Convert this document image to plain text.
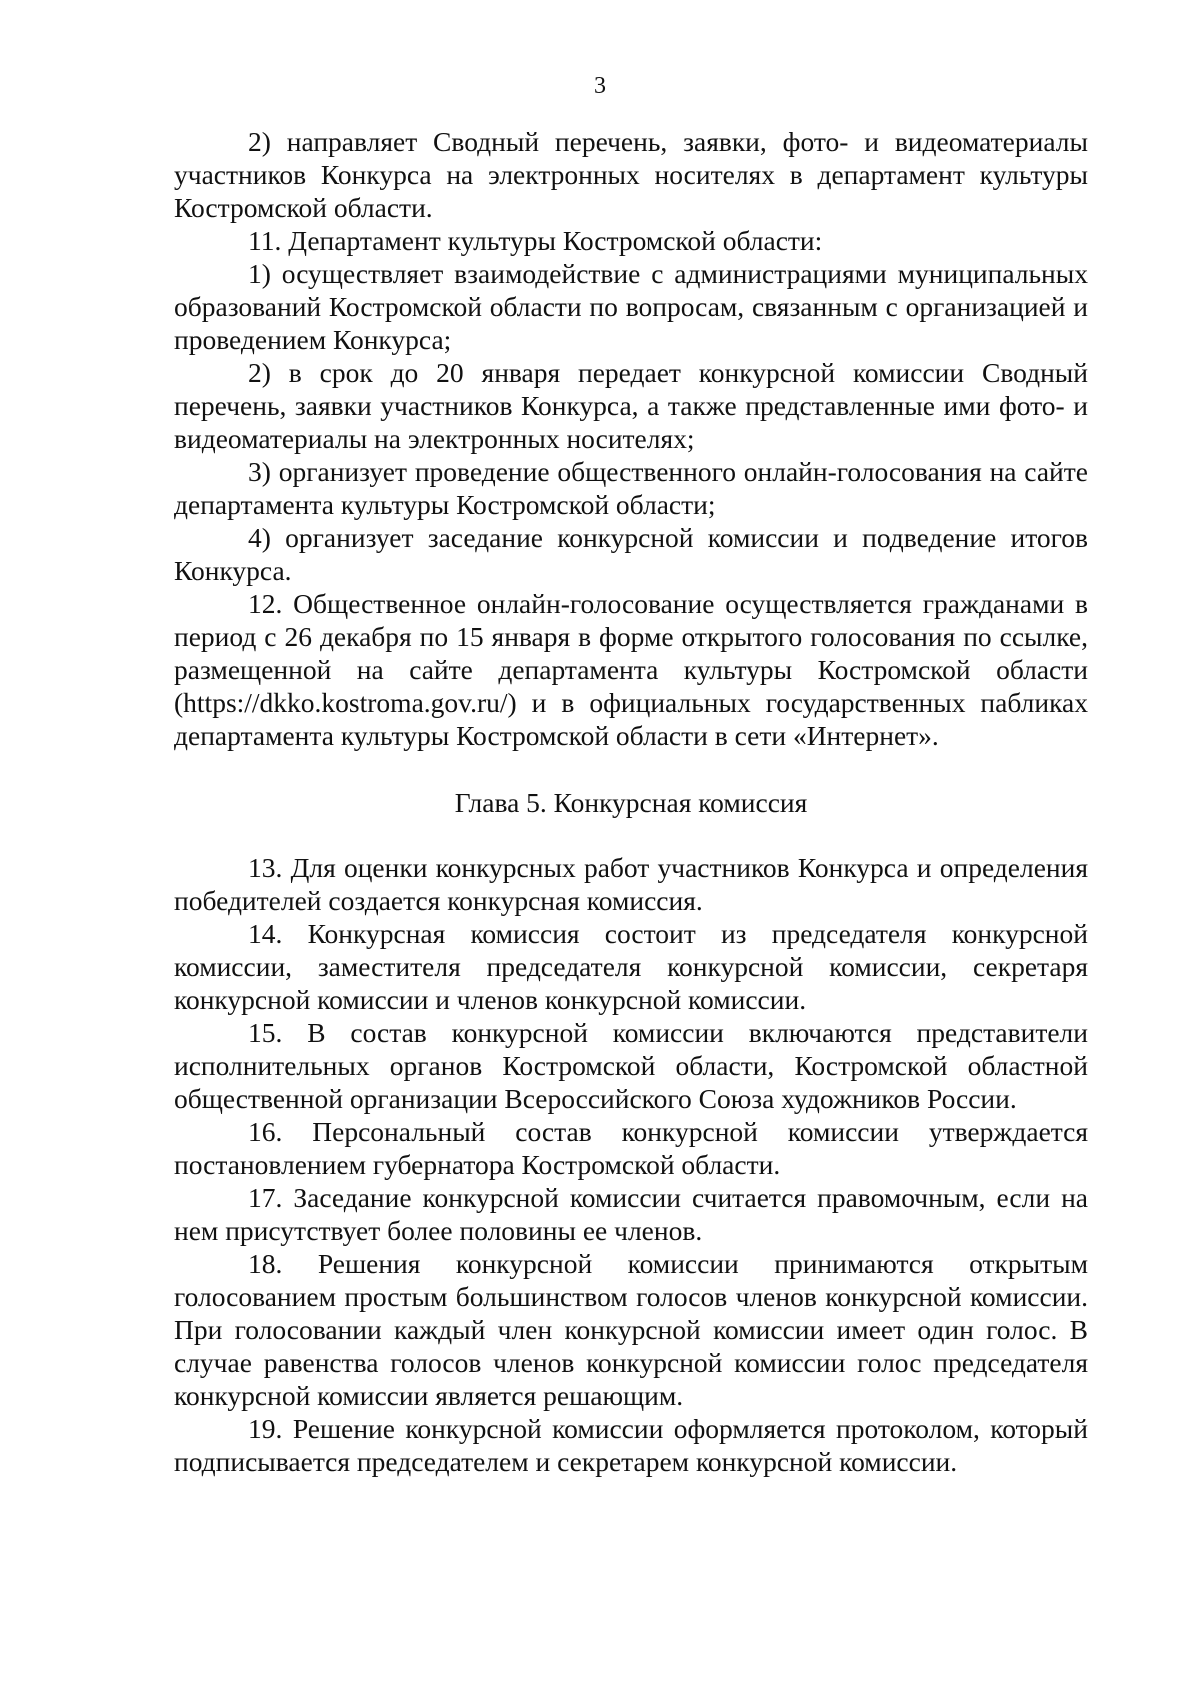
3

2) направляет Сводный перечень, заявки, фото- и видеоматериалы участников Конкурса на электронных носителях в департамент культуры Костромской области.

11. Департамент культуры Костромской области:

1) осуществляет взаимодействие с администрациями муниципальных образований Костромской области по вопросам, связанным с организацией и проведением Конкурса;

2) в срок до 20 января передает конкурсной комиссии Сводный перечень, заявки участников Конкурса, а также представленные ими фото- и видеоматериалы на электронных носителях;

3) организует проведение общественного онлайн-голосования на сайте департамента культуры Костромской области;

4) организует заседание конкурсной комиссии и подведение итогов Конкурса.

12. Общественное онлайн-голосование осуществляется гражданами в период с 26 декабря по 15 января в форме открытого голосования по ссылке, размещенной на сайте департамента культуры Костромской области (https://dkko.kostroma.gov.ru/) и в официальных государственных пабликах департамента культуры Костромской области в сети «Интернет».

Глава 5. Конкурсная комиссия

13. Для оценки конкурсных работ участников Конкурса и определения победителей создается конкурсная комиссия.

14. Конкурсная комиссия состоит из председателя конкурсной комиссии, заместителя председателя конкурсной комиссии, секретаря конкурсной комиссии и членов конкурсной комиссии.

15. В состав конкурсной комиссии включаются представители исполнительных органов Костромской области, Костромской областной общественной организации Всероссийского Союза художников России.

16. Персональный состав конкурсной комиссии утверждается постановлением губернатора Костромской области.

17. Заседание конкурсной комиссии считается правомочным, если на нем присутствует более половины ее членов.

18. Решения конкурсной комиссии принимаются открытым голосованием простым большинством голосов членов конкурсной комиссии. При голосовании каждый член конкурсной комиссии имеет один голос. В случае равенства голосов членов конкурсной комиссии голос председателя конкурсной комиссии является решающим.

19. Решение конкурсной комиссии оформляется протоколом, который подписывается председателем и секретарем конкурсной комиссии.
